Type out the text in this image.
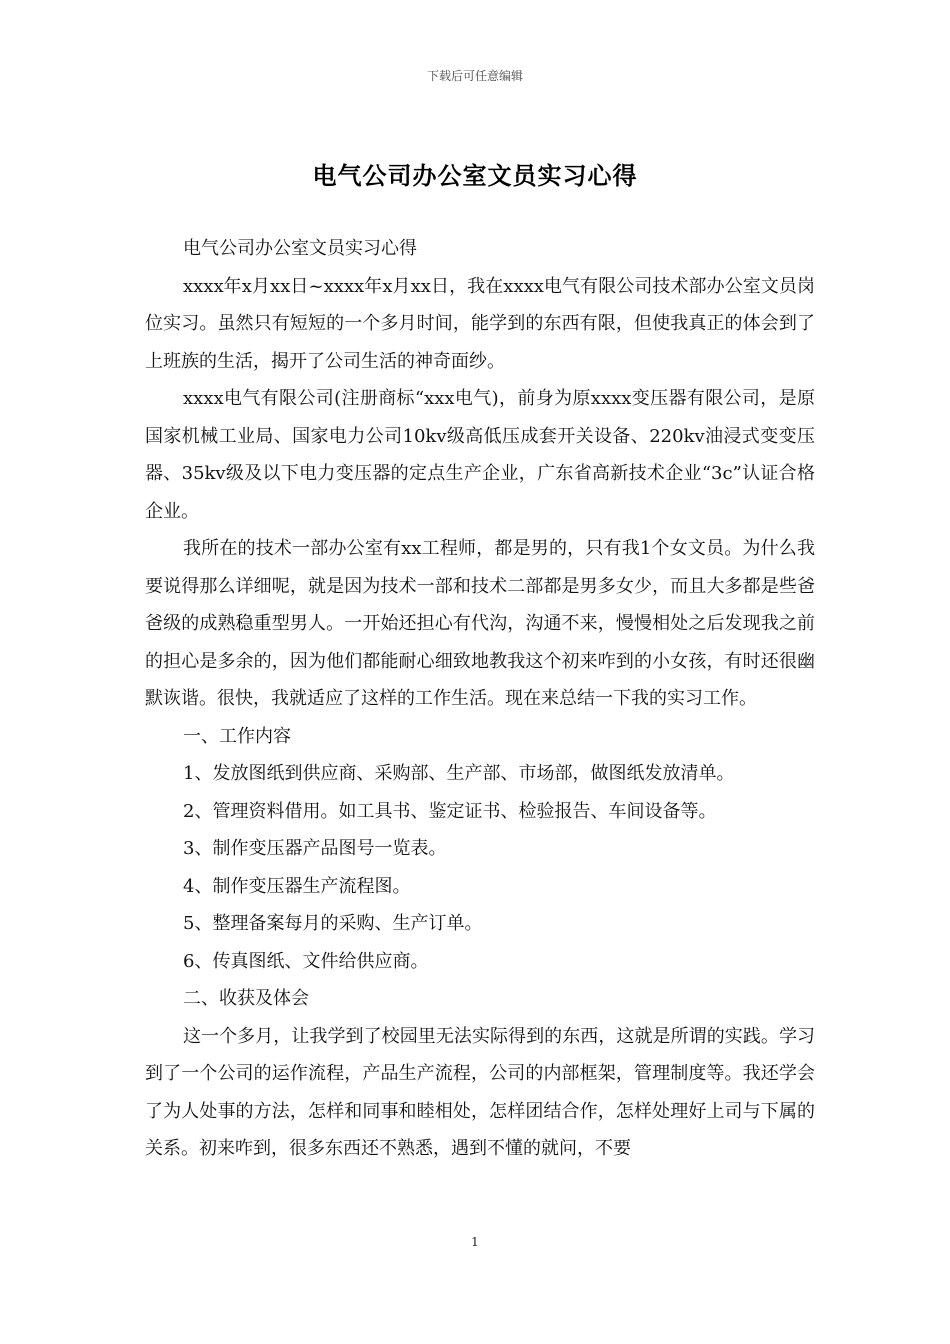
下载后可任意编辑
电气公司办公室文员实习心得

电气公司办公室文员实习心得

xxxx年x月xx日~xxxx年x月xx日，我在xxxx电气有限公司技术部办公室文员岗位实习。虽然只有短短的一个多月时间，能学到的东西有限，但使我真正的体会到了上班族的生活，揭开了公司生活的神奇面纱。

xxxx电气有限公司(注册商标“xxx电气)，前身为原xxxx变压器有限公司，是原国家机械工业局、国家电力公司10kv级高低压成套开关设备、220kv油浸式变变压器、35kv级及以下电力变压器的定点生产企业，广东省高新技术企业“3c”认证合格企业。

我所在的技术一部办公室有xx工程师，都是男的，只有我1个女文员。为什么我要说得那么详细呢，就是因为技术一部和技术二部都是男多女少，而且大多都是些爸爸级的成熟稳重型男人。一开始还担心有代沟，沟通不来，慢慢相处之后发现我之前的担心是多余的，因为他们都能耐心细致地教我这个初来咋到的小女孩，有时还很幽默诙谐。很快，我就适应了这样的工作生活。现在来总结一下我的实习工作。

一、工作内容

1、发放图纸到供应商、采购部、生产部、市场部，做图纸发放清单。

2、管理资料借用。如工具书、鉴定证书、检验报告、车间设备等。

3、制作变压器产品图号一览表。

4、制作变压器生产流程图。

5、整理备案每月的采购、生产订单。

6、传真图纸、文件给供应商。

二、收获及体会

这一个多月，让我学到了校园里无法实际得到的东西，这就是所谓的实践。学习到了一个公司的运作流程，产品生产流程，公司的内部框架，管理制度等。我还学会了为人处事的方法，怎样和同事和睦相处，怎样团结合作，怎样处理好上司与下属的关系。初来咋到，很多东西还不熟悉，遇到不懂的就问，不要

1
